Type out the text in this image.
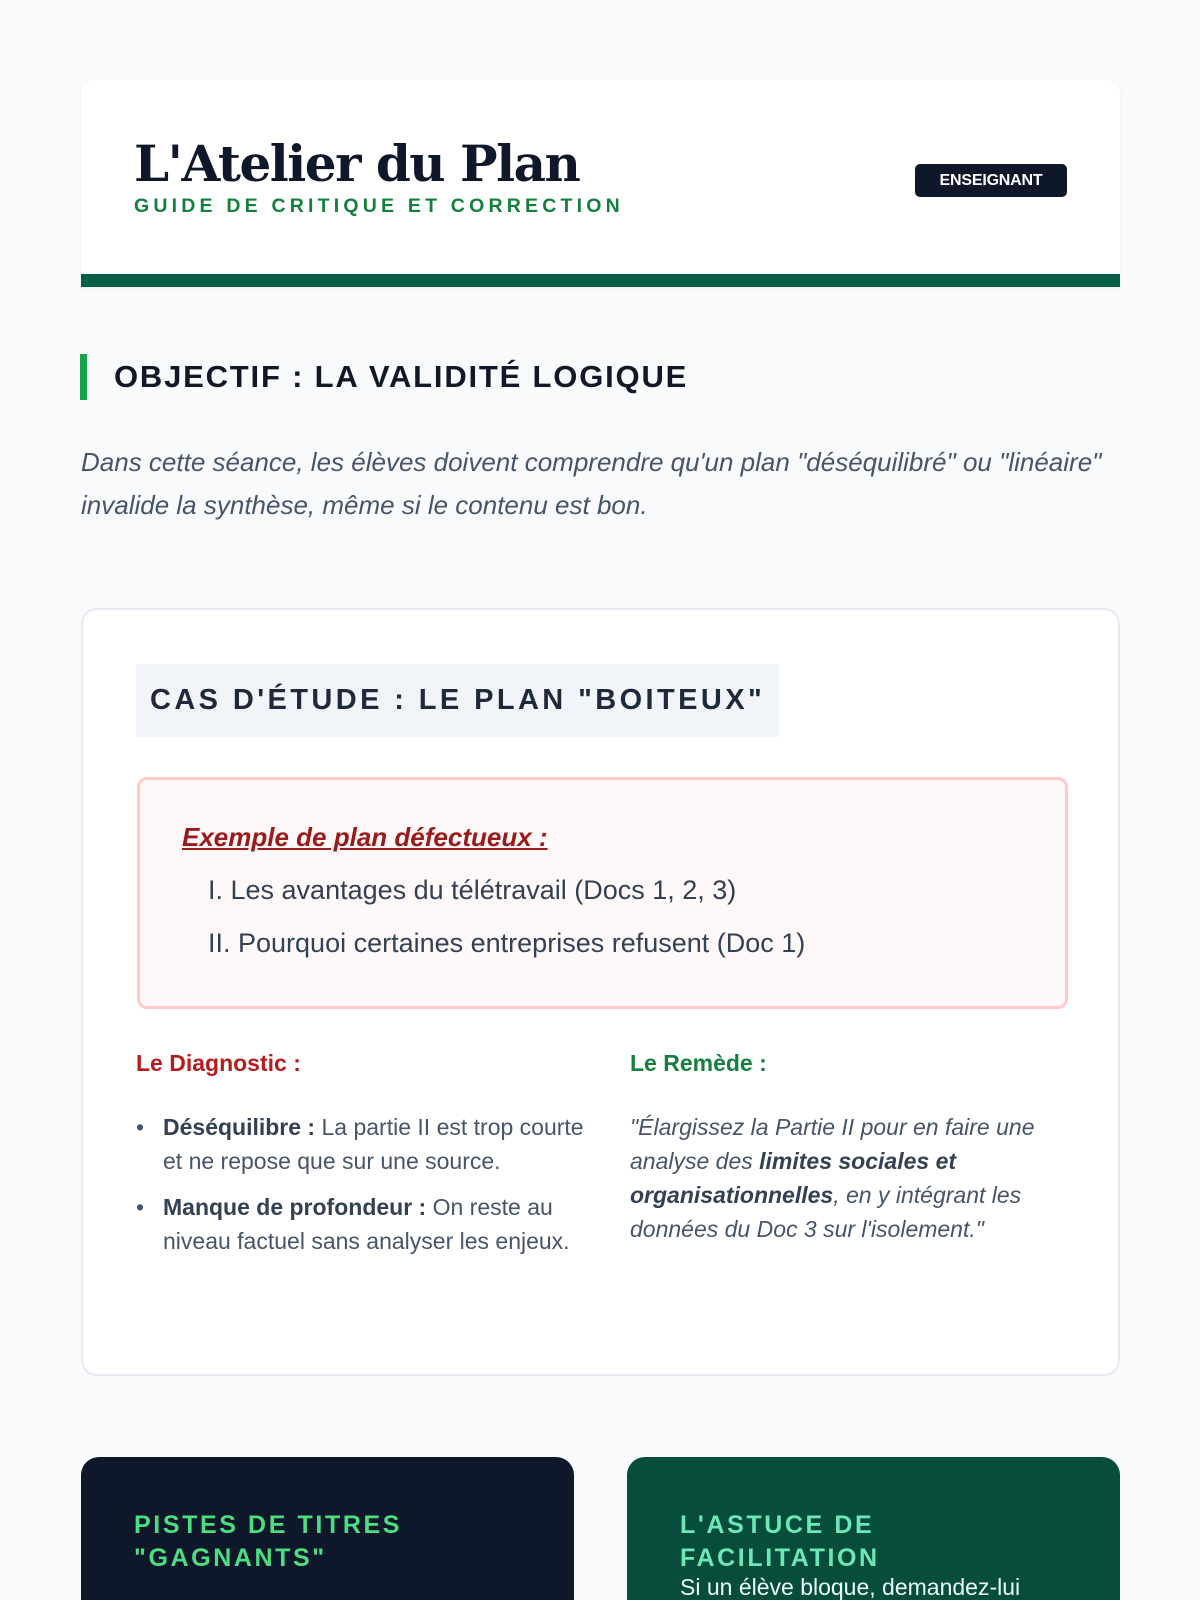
L'Atelier du Plan
GUIDE DE CRITIQUE ET CORRECTION
ENSEIGNANT
OBJECTIF : LA VALIDITÉ LOGIQUE

Dans cette séance, les élèves doivent comprendre qu'un plan "déséquilibré" ou "linéaire" invalide la synthèse, même si le contenu est bon.

CAS D'ÉTUDE : LE PLAN "BOITEUX"
Exemple de plan défectueux :
I. Les avantages du télétravail (Docs 1, 2, 3)
II. Pourquoi certaines entreprises refusent (Doc 1)
Le Diagnostic :
• Déséquilibre : La partie II est trop courte et ne repose que sur une source.
• Manque de profondeur : On reste au niveau factuel sans analyser les enjeux.
Le Remède :

"Élargissez la Partie II pour en faire une analyse des limites sociales et organisationnelles, en y intégrant les données du Doc 3 sur l'isolement."

PISTES DE TITRES "GAGNANTS"
L'ASTUCE DE FACILITATION

Si un élève bloque, demandez-lui
